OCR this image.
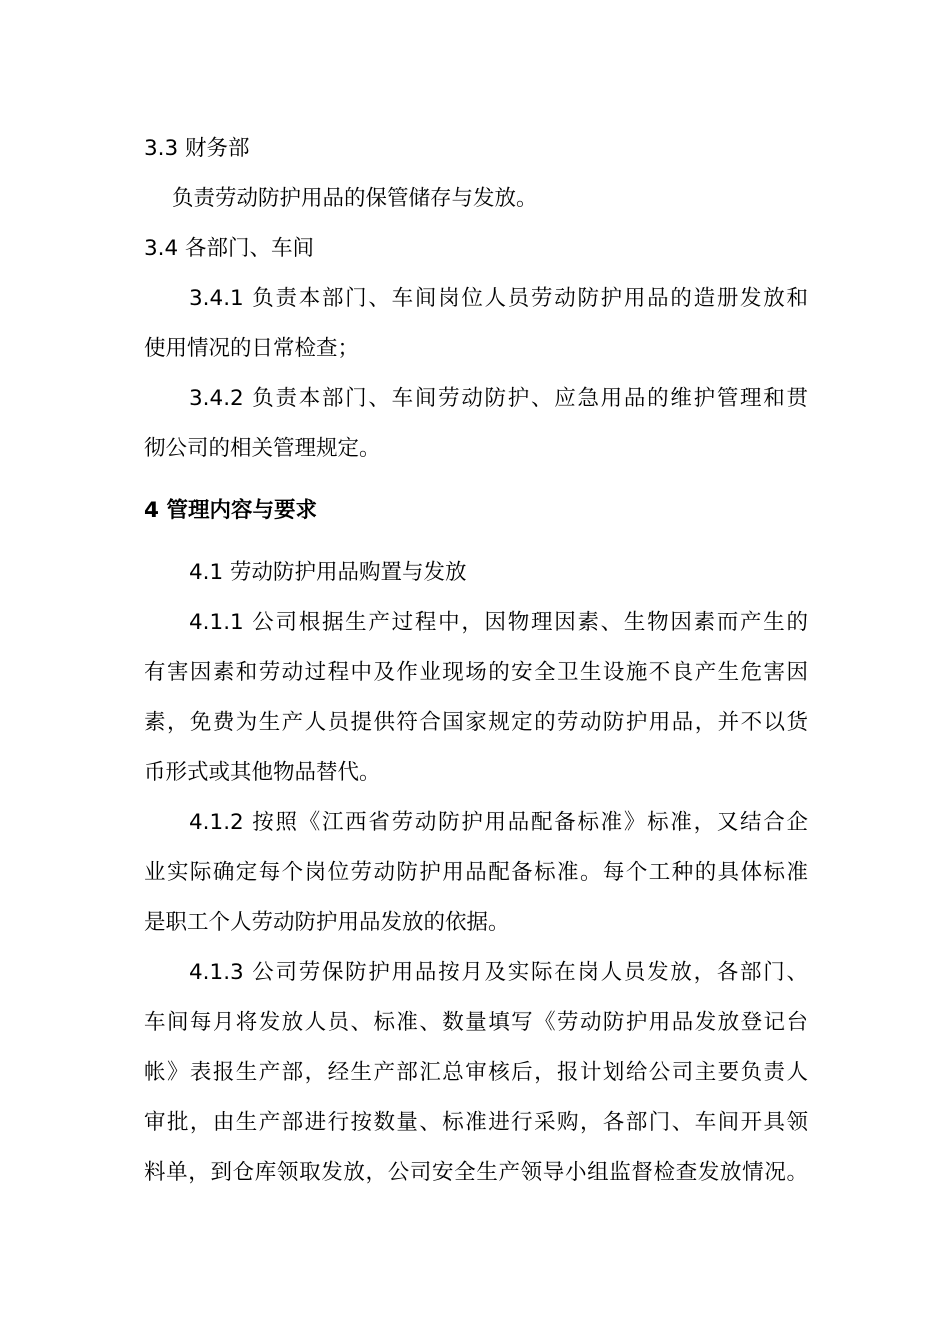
3.3 财务部
负责劳动防护用品的保管储存与发放。
3.4 各部门、车间
3.4.1 负责本部门、车间岗位人员劳动防护用品的造册发放和
使用情况的日常检查；
3.4.2 负责本部门、车间劳动防护、应急用品的维护管理和贯
彻公司的相关管理规定。
4 管理内容与要求
4.1 劳动防护用品购置与发放
4.1.1 公司根据生产过程中，因物理因素、生物因素而产生的
有害因素和劳动过程中及作业现场的安全卫生设施不良产生危害因
素，免费为生产人员提供符合国家规定的劳动防护用品，并不以货
币形式或其他物品替代。
4.1.2 按照《江西省劳动防护用品配备标准》标准，又结合企
业实际确定每个岗位劳动防护用品配备标准。每个工种的具体标准
是职工个人劳动防护用品发放的依据。
4.1.3 公司劳保防护用品按月及实际在岗人员发放，各部门、
车间每月将发放人员、标准、数量填写《劳动防护用品发放登记台
帐》表报生产部，经生产部汇总审核后，报计划给公司主要负责人
审批，由生产部进行按数量、标准进行采购，各部门、车间开具领
料单，到仓库领取发放，公司安全生产领导小组监督检查发放情况。
